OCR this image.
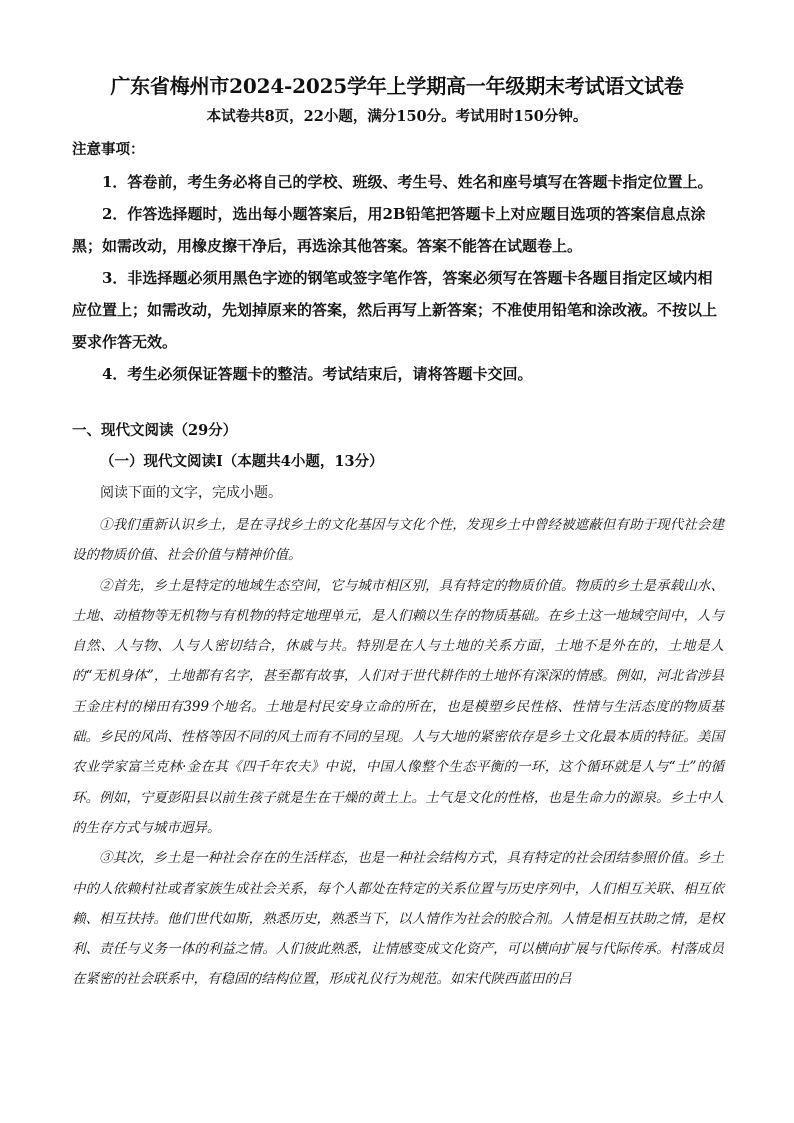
广东省梅州市2024-2025学年上学期高一年级期末考试语文试卷
本试卷共8页，22小题，满分150分。考试用时150分钟。
注意事项：

1．答卷前，考生务必将自己的学校、班级、考生号、姓名和座号填写在答题卡指定位置上。

2．作答选择题时，选出每小题答案后，用2B铅笔把答题卡上对应题目选项的答案信息点涂黑；如需改动，用橡皮擦干净后，再选涂其他答案。答案不能答在试题卷上。

3．非选择题必须用黑色字迹的钢笔或签字笔作答，答案必须写在答题卡各题目指定区域内相应位置上；如需改动，先划掉原来的答案，然后再写上新答案；不准使用铅笔和涂改液。不按以上要求作答无效。

4．考生必须保证答题卡的整洁。考试结束后，请将答题卡交回。

一、现代文阅读（29分）
（一）现代文阅读Ⅰ（本题共4小题，13分）
阅读下面的文字，完成小题。

①我们重新认识乡土，是在寻找乡土的文化基因与文化个性，发现乡土中曾经被遮蔽但有助于现代社会建设的物质价值、社会价值与精神价值。

②首先，乡土是特定的地域生态空间，它与城市相区别，具有特定的物质价值。物质的乡土是承载山水、土地、动植物等无机物与有机物的特定地理单元，是人们赖以生存的物质基础。在乡土这一地域空间中，人与自然、人与物、人与人密切结合，休戚与共。特别是在人与土地的关系方面，土地不是外在的，土地是人的“无机身体”，土地都有名字，甚至都有故事，人们对于世代耕作的土地怀有深深的情感。例如，河北省涉县王金庄村的梯田有399个地名。土地是村民安身立命的所在，也是模塑乡民性格、性情与生活态度的物质基础。乡民的风尚、性格等因不同的风土而有不同的呈现。人与大地的紧密依存是乡土文化最本质的特征。美国农业学家富兰克林·金在其《四千年农夫》中说，中国人像整个生态平衡的一环，这个循环就是人与“土”的循环。例如，宁夏彭阳县以前生孩子就是生在干燥的黄土上。土气是文化的性格，也是生命力的源泉。乡土中人的生存方式与城市迥异。

③其次，乡土是一种社会存在的生活样态，也是一种社会结构方式，具有特定的社会团结参照价值。乡土中的人依赖村社或者家族生成社会关系，每个人都处在特定的关系位置与历史序列中，人们相互关联、相互依赖、相互扶持。他们世代如斯，熟悉历史，熟悉当下，以人情作为社会的胶合剂。人情是相互扶助之情，是权利、责任与义务一体的利益之情。人们彼此熟悉，让情感变成文化资产，可以横向扩展与代际传承。村落成员在紧密的社会联系中，有稳固的结构位置，形成礼仪行为规范。如宋代陕西蓝田的吕
